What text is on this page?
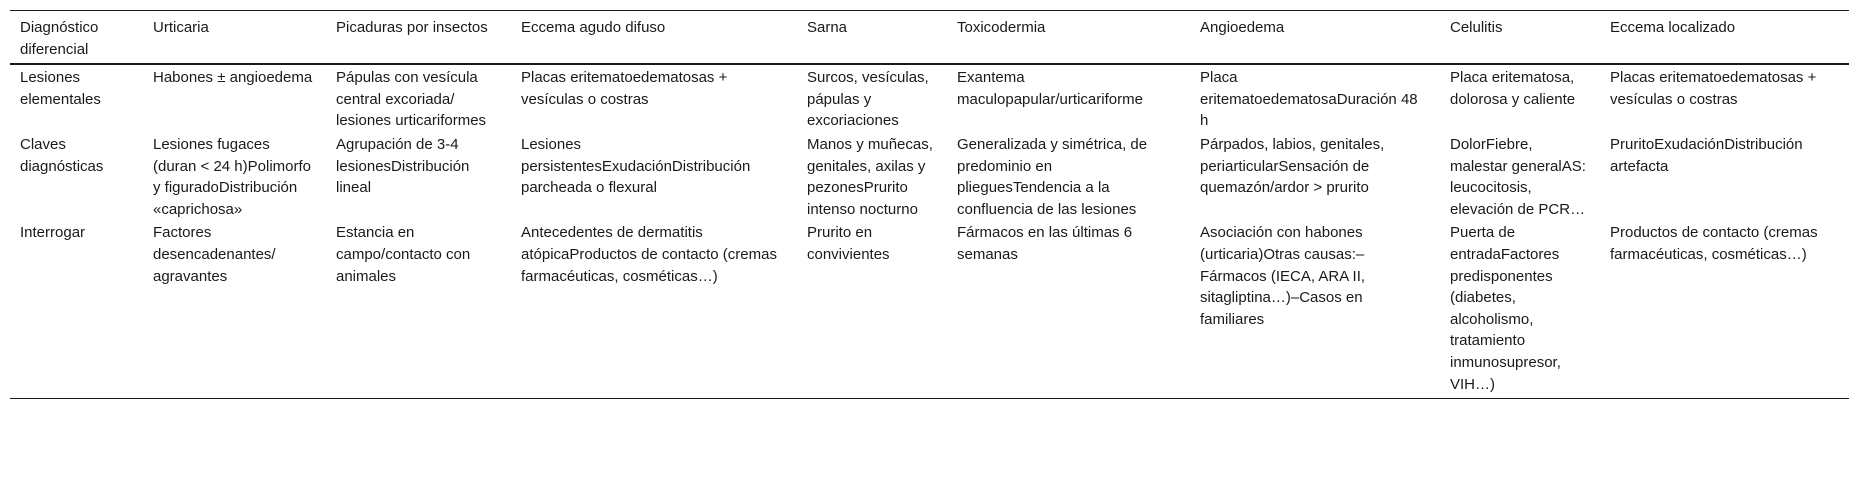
Diagnóstico diferencial	Urticaria	Picaduras por insectos	Eccema agudo difuso	Sarna	Toxicodermia	Angioedema	Celulitis	Eccema localizado
Lesiones elementales	Habones ± angioedema	Pápulas con vesícula central excoriada/ lesiones urticariformes	Placas eritematoedematosas + vesículas o costras	Surcos, vesículas, pápulas y excoriaciones	Exantema maculopapular/urticariforme	Placa eritematoedematosaDuración 48 h	Placa eritematosa, dolorosa y caliente	Placas eritematoedematosas + vesículas o costras
Claves diagnósticas	Lesiones fugaces (duran < 24 h)Polimorfo y figuradoDistribución «caprichosa»	Agrupación de 3-4 lesionesDistribución lineal	Lesiones persistentesExudaciónDistribución parcheada o flexural	Manos y muñecas, genitales, axilas y pezonesPrurito intenso nocturno	Generalizada y simétrica, de predominio en plieguesTendencia a la confluencia de las lesiones	Párpados, labios, genitales, periarticularSensación de quemazón/ardor > prurito	DolorFiebre, malestar generalAS: leucocitosis, elevación de PCR…	PruritoExudaciónDistribución artefacta
Interrogar	Factores desencadenantes/ agravantes	Estancia en campo/contacto con animales	Antecedentes de dermatitis atópicaProductos de contacto (cremas farmacéuticas, cosméticas…)	Prurito en convivientes	Fármacos en las últimas 6 semanas	Asociación con habones (urticaria)Otras causas:– Fármacos (IECA, ARA II, sitagliptina…)–Casos en familiares	Puerta de entradaFactores predisponentes (diabetes, alcoholismo, tratamiento inmunosupresor, VIH…)	Productos de contacto (cremas farmacéuticas, cosméticas…)
